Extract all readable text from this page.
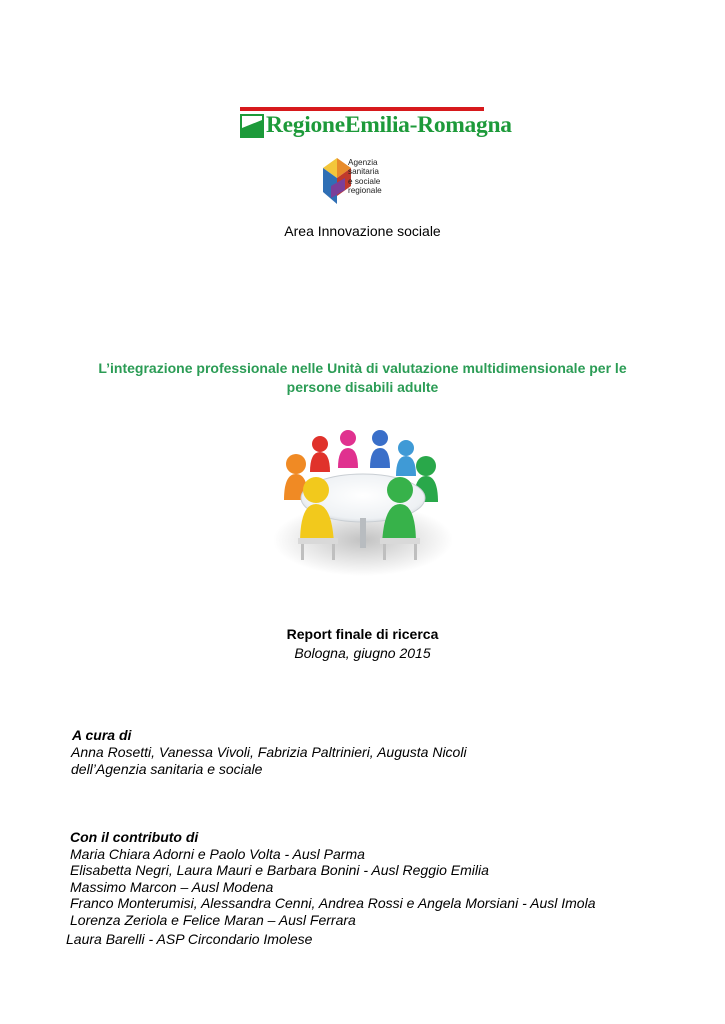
RegioneEmilia-Romagna
Agenzia
sanitaria
e sociale
regionale
Area Innovazione sociale
L’integrazione professionale nelle Unità di valutazione multidimensionale per le
persone disabili adulte
Report finale di ricerca
Bologna, giugno 2015
A cura di
Anna Rosetti, Vanessa Vivoli, Fabrizia Paltrinieri, Augusta Nicoli
dell’Agenzia sanitaria e sociale
Con il contributo di
Maria Chiara Adorni e Paolo Volta - Ausl Parma
Elisabetta Negri, Laura Mauri e Barbara Bonini - Ausl Reggio Emilia
Massimo Marcon – Ausl Modena
Franco Monterumisi, Alessandra Cenni, Andrea Rossi e Angela Morsiani - Ausl Imola
Lorenza Zeriola e Felice Maran – Ausl Ferrara
Laura Barelli - ASP Circondario Imolese
